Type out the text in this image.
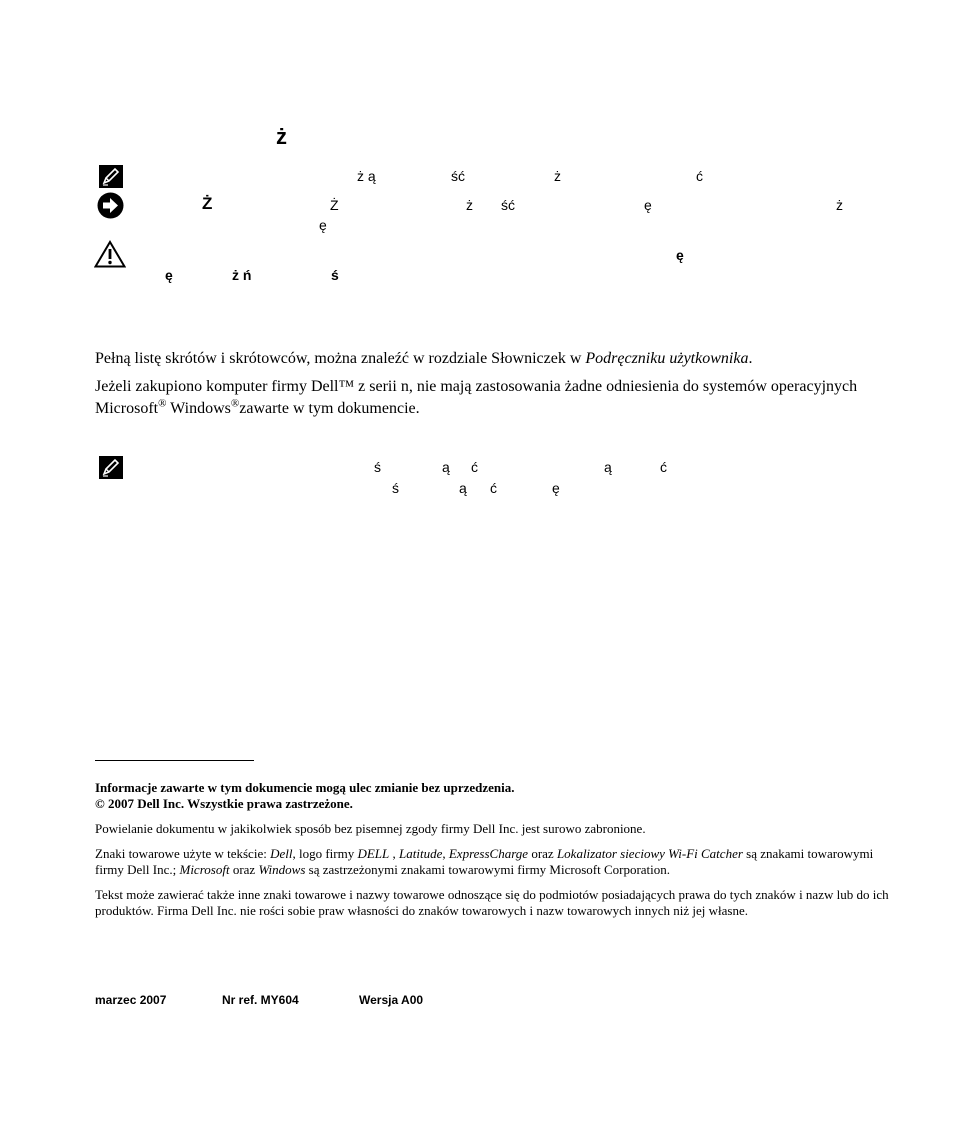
ż
ż ą	ść	ż	ć
Ż	Ż	ż ść	ę	ż
ę
ę
ę	ż ń	ś
Pełną listę skrótów i skrótowców, można znaleźć w rozdziale Słowniczek w Podręczniku użytkownika.
Jeżeli zakupiono komputer firmy Dell™ z serii n, nie mają zastosowania żadne odniesienia do systemów operacyjnych Microsoft® Windows®zawarte w tym dokumencie.
ś	ą ć	ą	ć
ś	ą ć	ę
Informacje zawarte w tym dokumencie mogą ulec zmianie bez uprzedzenia.
© 2007 Dell Inc. Wszystkie prawa zastrzeżone.
Powielanie dokumentu w jakikolwiek sposób bez pisemnej zgody firmy Dell Inc. jest surowo zabronione.
Znaki towarowe użyte w tekście: Dell, logo firmy DELL , Latitude, ExpressCharge oraz Lokalizator sieciowy Wi-Fi Catcher są znakami towarowymi firmy Dell Inc.; Microsoft oraz Windows są zastrzeżonymi znakami towarowymi firmy Microsoft Corporation.
Tekst może zawierać także inne znaki towarowe i nazwy towarowe odnoszące się do podmiotów posiadających prawa do tych znaków i nazw lub do ich produktów. Firma Dell Inc. nie rości sobie praw własności do znaków towarowych i nazw towarowych innych niż jej własne.
marzec 2007	Nr ref. MY604	Wersja A00
